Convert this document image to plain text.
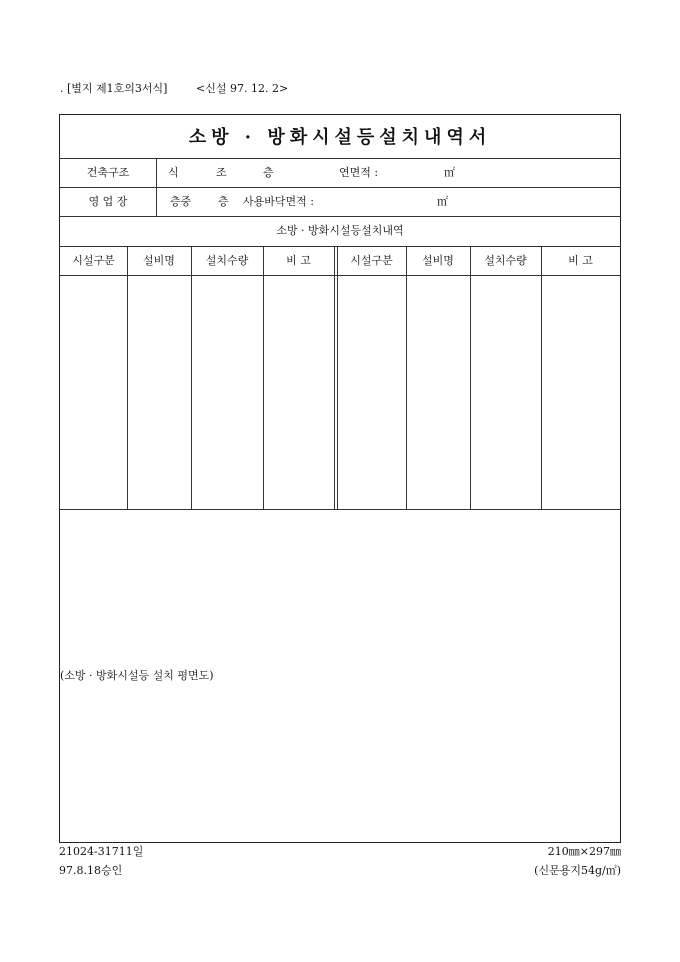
. [별지 제1호의3서식]	<신설 97. 12. 2>
소방 · 방화시설등설치내역서
건축구조	식	조	층	연면적 :	㎡
영 업 장	층중 층 사용바닥면적 :	㎡
소방 · 방화시설등설치내역
시설구분	설비명	설치수량	비 고	시설구분	설비명	설치수량	비 고
(소방 · 방화시설등 설치 평면도)
21024-31711일
97.8.18승인
210㎜×297㎜
(신문용지54g/㎡)
